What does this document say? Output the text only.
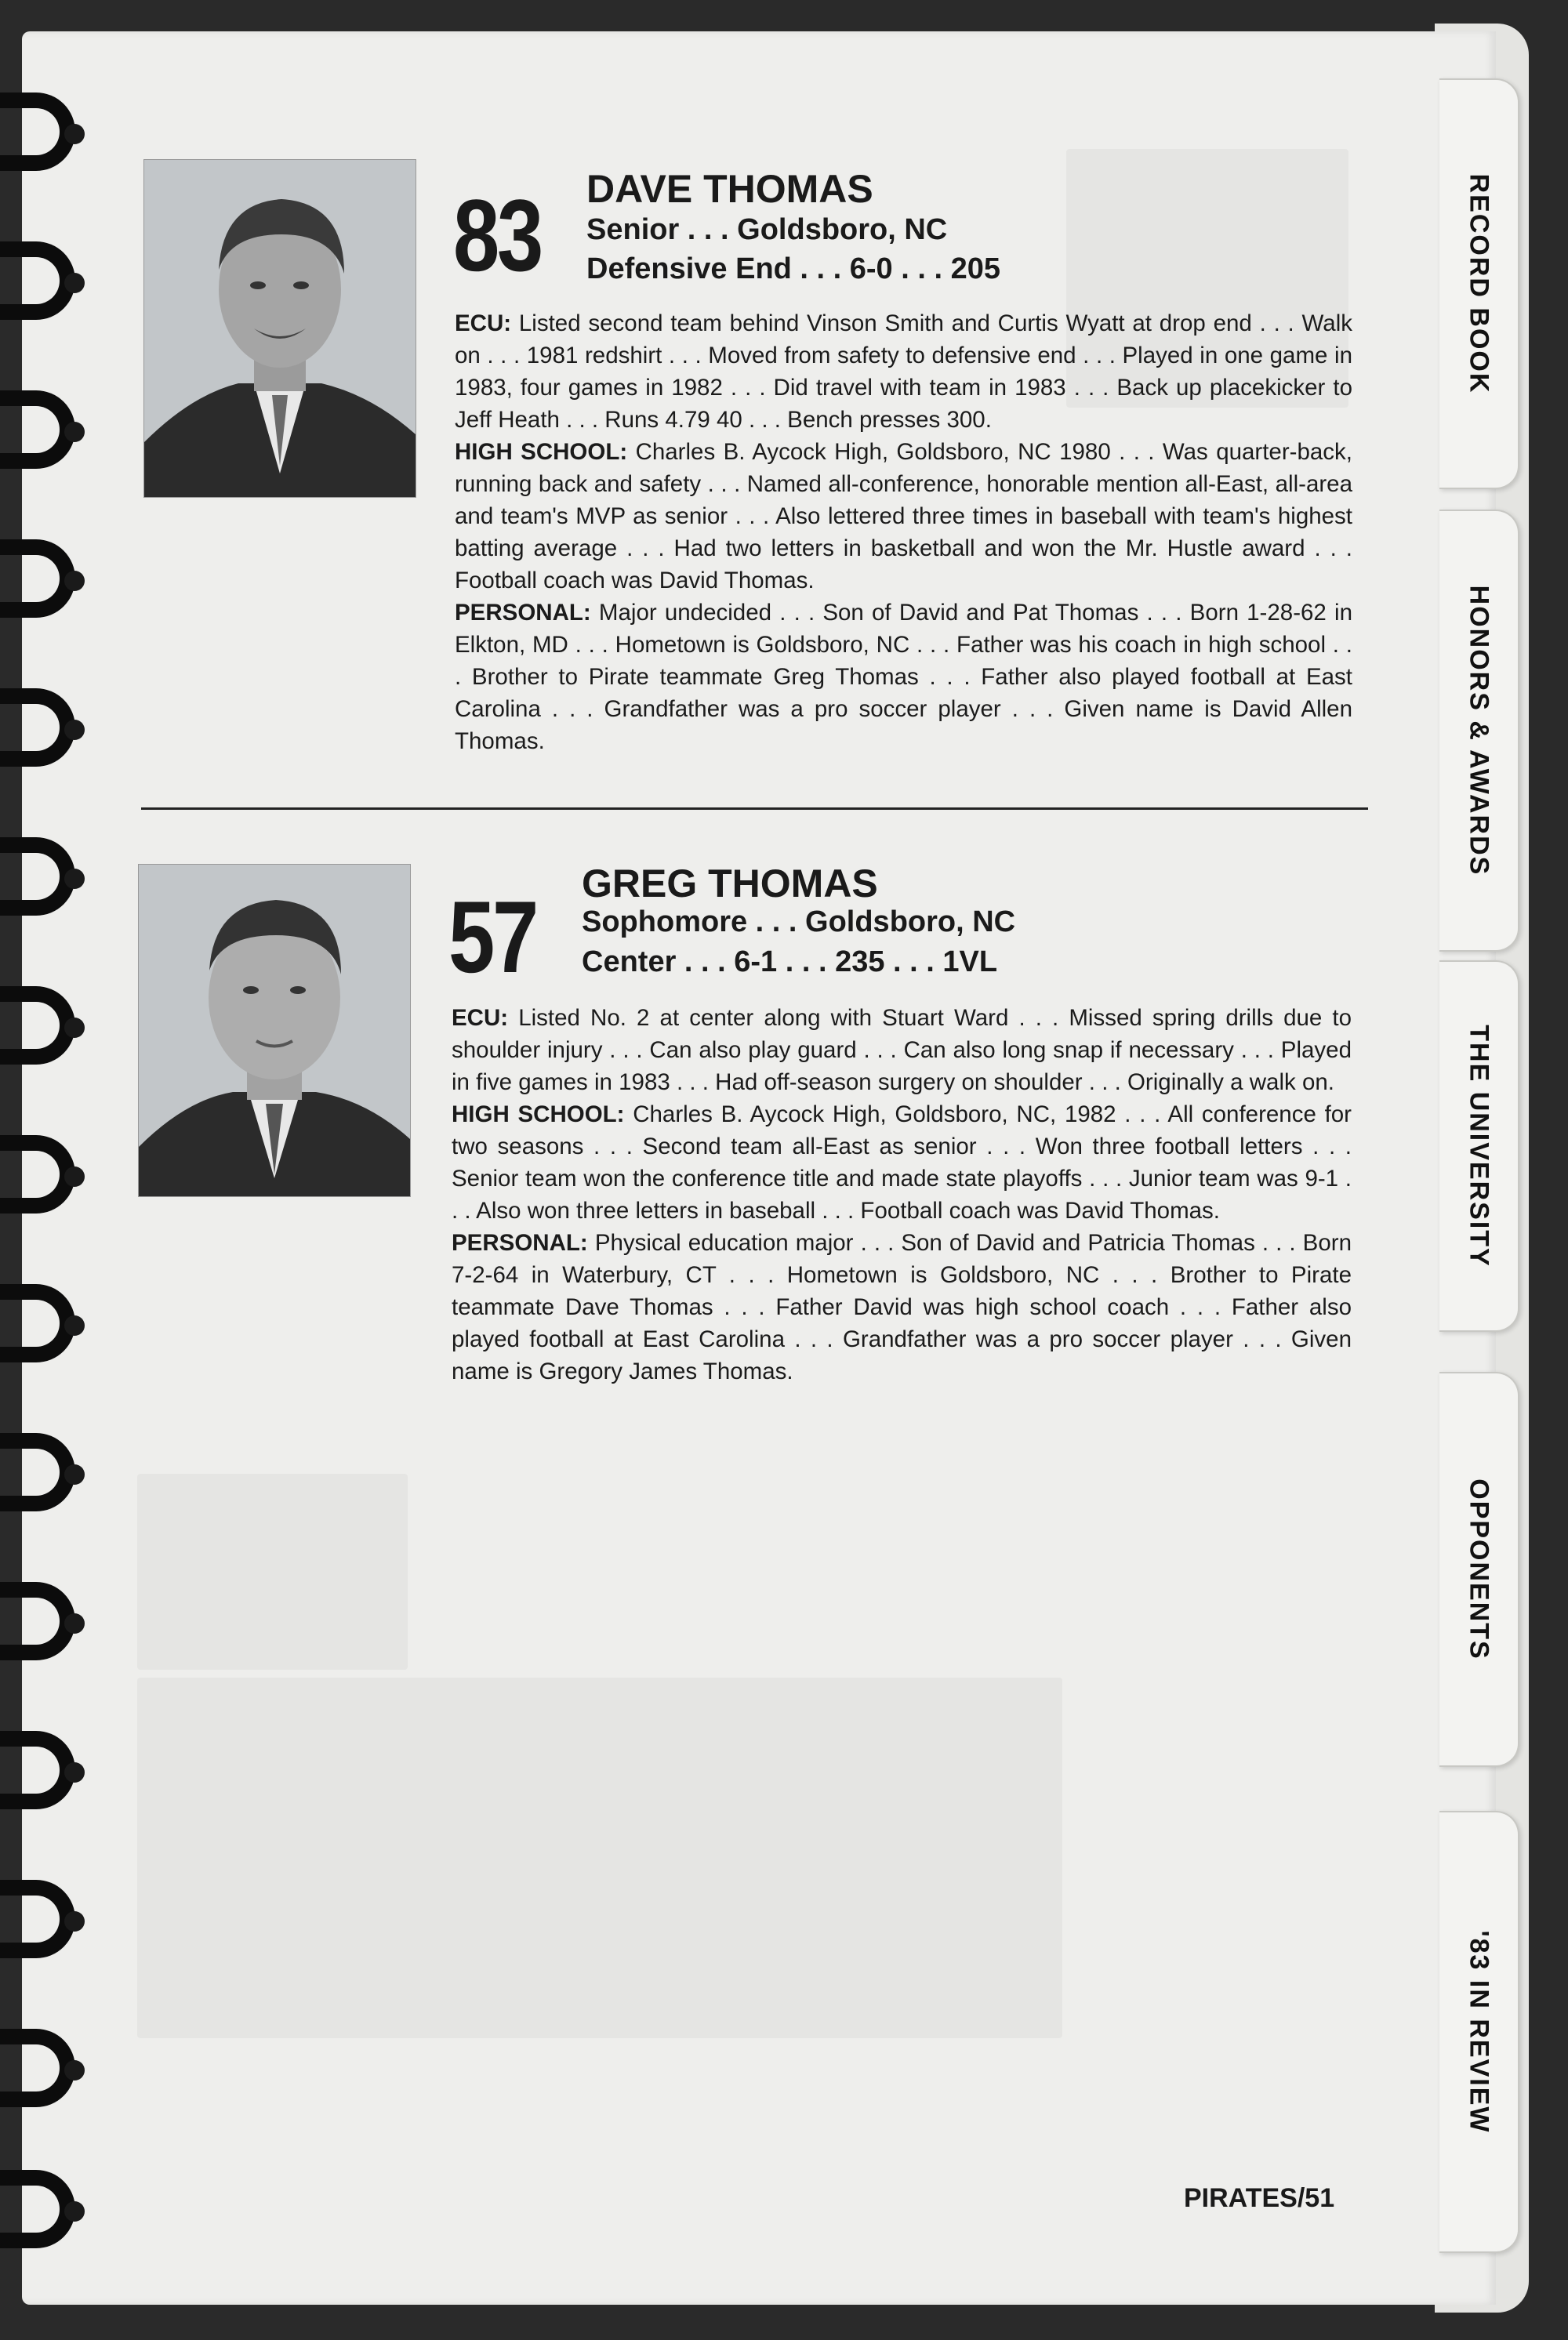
RECORD BOOK
HONORS & AWARDS
THE UNIVERSITY
OPPONENTS
'83 IN REVIEW
83 DAVE THOMAS
Senior . . . Goldsboro, NC
Defensive End . . . 6-0 . . . 205

ECU: Listed second team behind Vinson Smith and Curtis Wyatt at drop end . . . Walk on . . . 1981 redshirt . . . Moved from safety to defensive end . . . Played in one game in 1983, four games in 1982 . . . Did travel with team in 1983 . . . Back up placekicker to Jeff Heath . . . Runs 4.79 40 . . . Bench presses 300.

HIGH SCHOOL: Charles B. Aycock High, Goldsboro, NC 1980 . . . Was quarter-back, running back and safety . . . Named all-conference, honorable mention all-East, all-area and team's MVP as senior . . . Also lettered three times in baseball with team's highest batting average . . . Had two letters in basketball and won the Mr. Hustle award . . . Football coach was David Thomas.

PERSONAL: Major undecided . . . Son of David and Pat Thomas . . . Born 1-28-62 in Elkton, MD . . . Hometown is Goldsboro, NC . . . Father was his coach in high school . . . Brother to Pirate teammate Greg Thomas . . . Father also played football at East Carolina . . . Grandfather was a pro soccer player . . . Given name is David Allen Thomas.

57 GREG THOMAS
Sophomore . . . Goldsboro, NC
Center . . . 6-1 . . . 235 . . . 1VL

ECU: Listed No. 2 at center along with Stuart Ward . . . Missed spring drills due to shoulder injury . . . Can also play guard . . . Can also long snap if necessary . . . Played in five games in 1983 . . . Had off-season surgery on shoulder . . . Originally a walk on.

HIGH SCHOOL: Charles B. Aycock High, Goldsboro, NC, 1982 . . . All conference for two seasons . . . Second team all-East as senior . . . Won three football letters . . . Senior team won the conference title and made state playoffs . . . Junior team was 9-1 . . . Also won three letters in baseball . . . Football coach was David Thomas.

PERSONAL: Physical education major . . . Son of David and Patricia Thomas . . . Born 7-2-64 in Waterbury, CT . . . Hometown is Goldsboro, NC . . . Brother to Pirate teammate Dave Thomas . . . Father David was high school coach . . . Father also played football at East Carolina . . . Grandfather was a pro soccer player . . . Given name is Gregory James Thomas.

PIRATES/51
